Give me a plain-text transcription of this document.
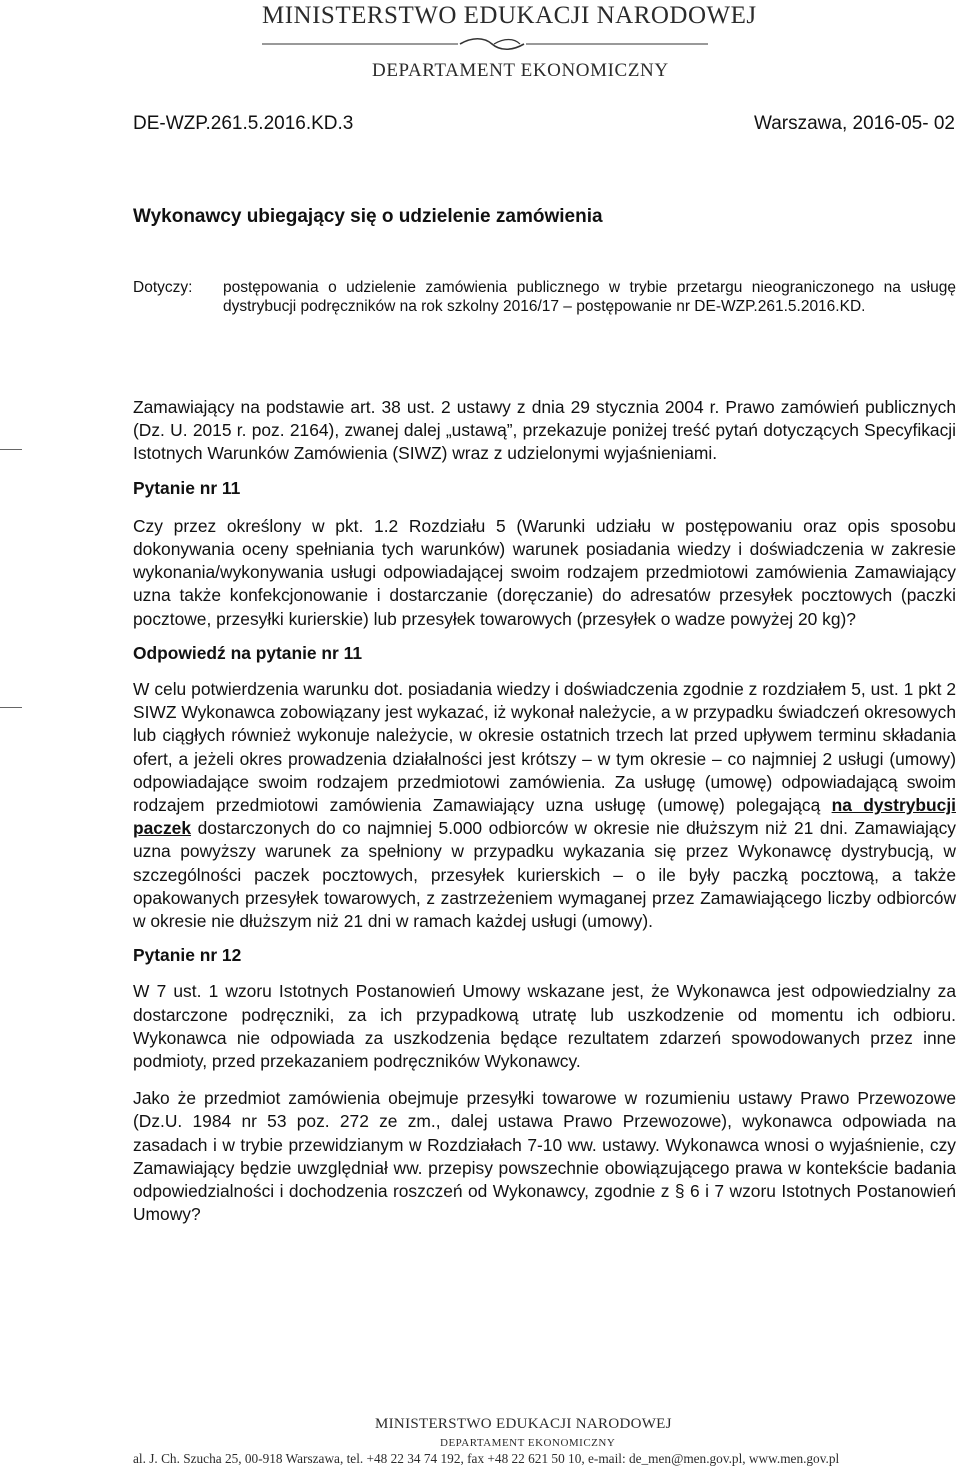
MINISTERSTWO EDUKACJI NARODOWEJ
DEPARTAMENT EKONOMICZNY
DE-WZP.261.5.2016.KD.3	Warszawa, 2016-05- 02
Wykonawcy ubiegający się o udzielenie zamówienia
Dotyczy:	postępowania o udzielenie zamówienia publicznego w trybie przetargu nieograniczonego na usługę dystrybucji podręczników na rok szkolny 2016/17 – postępowanie nr DE-WZP.261.5.2016.KD.

Zamawiający na podstawie art. 38 ust. 2 ustawy z dnia 29 stycznia 2004 r. Prawo zamówień publicznych (Dz. U. 2015 r. poz. 2164), zwanej dalej „ustawą”, przekazuje poniżej treść pytań dotyczących Specyfikacji Istotnych Warunków Zamówienia (SIWZ) wraz z udzielonymi wyjaśnieniami.

Pytanie nr 11

Czy przez określony w pkt. 1.2 Rozdziału 5 (Warunki udziału w postępowaniu oraz opis sposobu dokonywania oceny spełniania tych warunków) warunek posiadania wiedzy i doświadczenia w zakresie wykonania/wykonywania usługi odpowiadającej swoim rodzajem przedmiotowi zamówienia Zamawiający uzna także konfekcjonowanie i dostarczanie (doręczanie) do adresatów przesyłek pocztowych (paczki pocztowe, przesyłki kurierskie) lub przesyłek towarowych (przesyłek o wadze powyżej 20 kg)?

Odpowiedź na pytanie nr 11

W celu potwierdzenia warunku dot. posiadania wiedzy i doświadczenia zgodnie z rozdziałem 5, ust. 1 pkt 2 SIWZ Wykonawca zobowiązany jest wykazać, iż wykonał należycie, a w przypadku świadczeń okresowych lub ciągłych również wykonuje należycie, w okresie ostatnich trzech lat przed upływem terminu składania ofert, a jeżeli okres prowadzenia działalności jest krótszy – w tym okresie – co najmniej 2 usługi (umowy) odpowiadające swoim rodzajem przedmiotowi zamówienia. Za usługę (umowę) odpowiadającą swoim rodzajem przedmiotowi zamówienia Zamawiający uzna usługę (umowę) polegającą na dystrybucji paczek dostarczonych do co najmniej 5.000 odbiorców w okresie nie dłuższym niż 21 dni. Zamawiający uzna powyższy warunek za spełniony w przypadku wykazania się przez Wykonawcę dystrybucją, w szczególności paczek pocztowych, przesyłek kurierskich – o ile były paczką pocztową, a także opakowanych przesyłek towarowych, z zastrzeżeniem wymaganej przez Zamawiającego liczby odbiorców w okresie nie dłuższym niż 21 dni w ramach każdej usługi (umowy).

Pytanie nr 12

W 7 ust. 1 wzoru Istotnych Postanowień Umowy wskazane jest, że Wykonawca jest odpowiedzialny za dostarczone podręczniki, za ich przypadkową utratę lub uszkodzenie od momentu ich odbioru. Wykonawca nie odpowiada za uszkodzenia będące rezultatem zdarzeń spowodowanych przez inne podmioty, przed przekazaniem podręczników Wykonawcy.

Jako że przedmiot zamówienia obejmuje przesyłki towarowe w rozumieniu ustawy Prawo Przewozowe (Dz.U. 1984 nr 53 poz. 272 ze zm., dalej ustawa Prawo Przewozowe), wykonawca odpowiada na zasadach i w trybie przewidzianym w Rozdziałach 7-10 ww. ustawy. Wykonawca wnosi o wyjaśnienie, czy Zamawiający będzie uwzględniał ww. przepisy powszechnie obowiązującego prawa w kontekście badania odpowiedzialności i dochodzenia roszczeń od Wykonawcy, zgodnie z § 6 i 7 wzoru Istotnych Postanowień Umowy?

MINISTERSTWO EDUKACJI NARODOWEJ
DEPARTAMENT EKONOMICZNY
al. J. Ch. Szucha 25, 00-918 Warszawa, tel. +48 22 34 74 192, fax +48 22 621 50 10, e-mail: de_men@men.gov.pl, www.men.gov.pl
